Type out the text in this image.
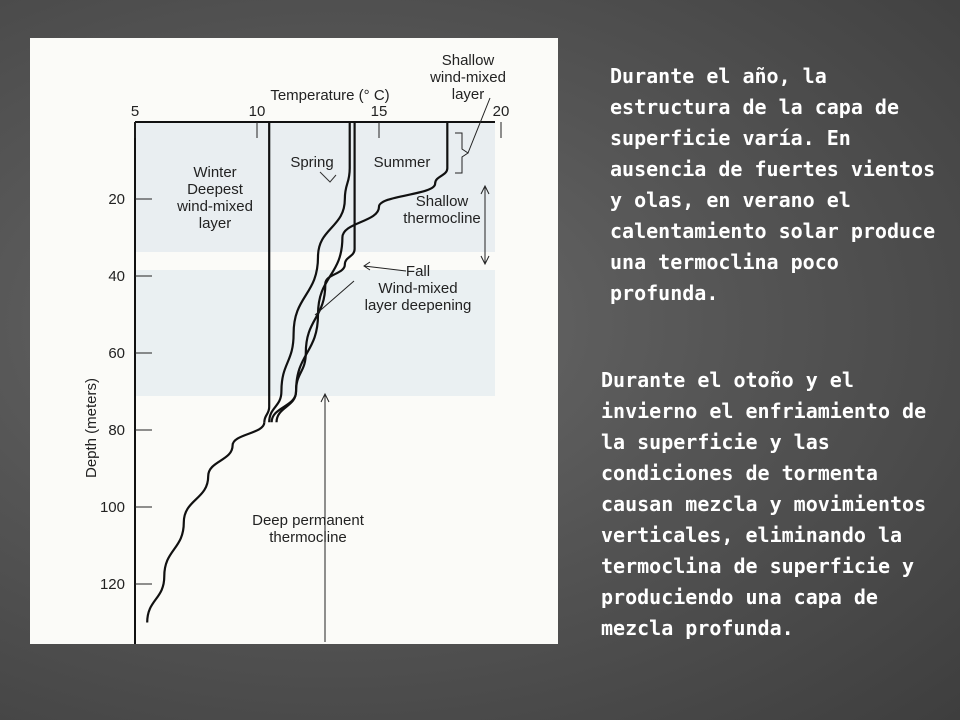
5	10	15	20
20
40
60
80
100
120
Temperature (° C)
Depth (meters)
Winter
Deepest
wind-mixed
layer
Spring	Summer
Shallow
wind-mixed
layer
Shallow
thermocline
Fall
Wind-mixed
layer deepening
Deep permanent
thermocline

Durante el año, la estructura de la capa de superficie varía. En ausencia de fuertes vientos y olas, en verano el calentamiento solar produce una termoclina poco profunda.

Durante el otoño y el invierno el enfriamiento de la superficie y las condiciones de tormenta causan mezcla y movimientos verticales, eliminando la termoclina de superficie y produciendo una capa de mezcla profunda.
